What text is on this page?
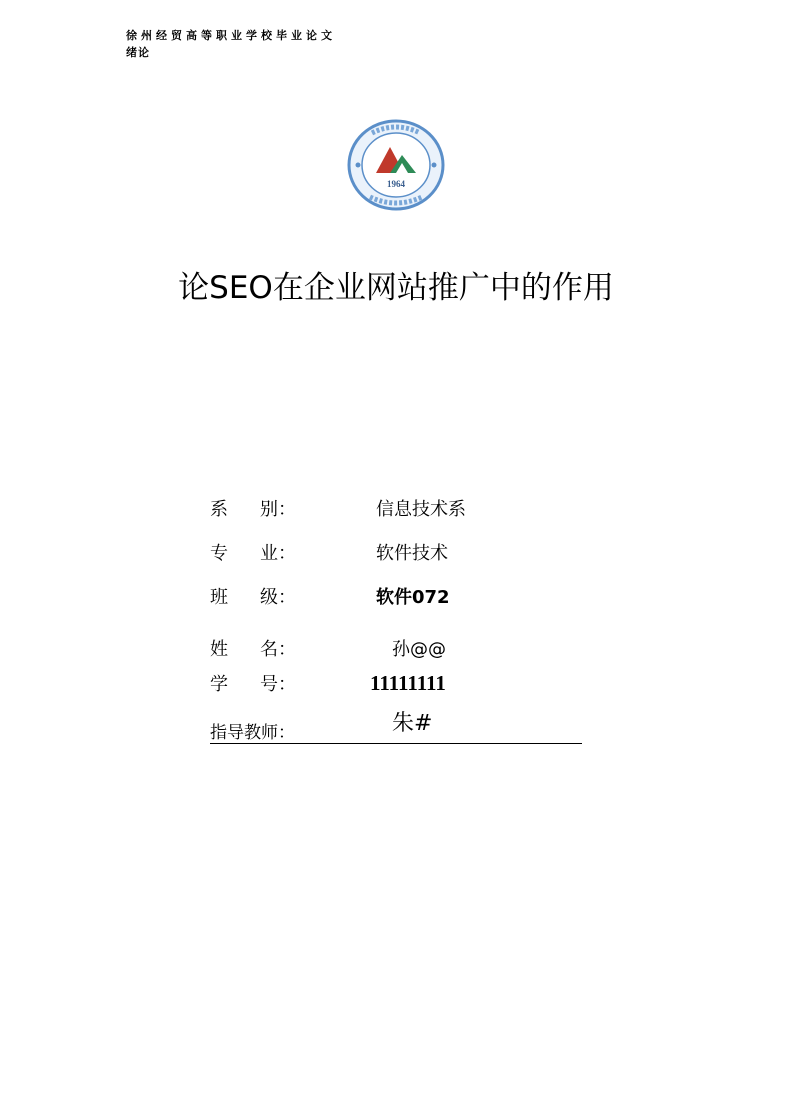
徐州经贸高等职业学校毕业论文
绪论
1964
论SEO在企业网站推广中的作用
系 别：	信息技术系
专 业：	软件技术
班 级：	软件072
姓 名：	孙@@
学 号：	11111111
指导教师：	朱#
